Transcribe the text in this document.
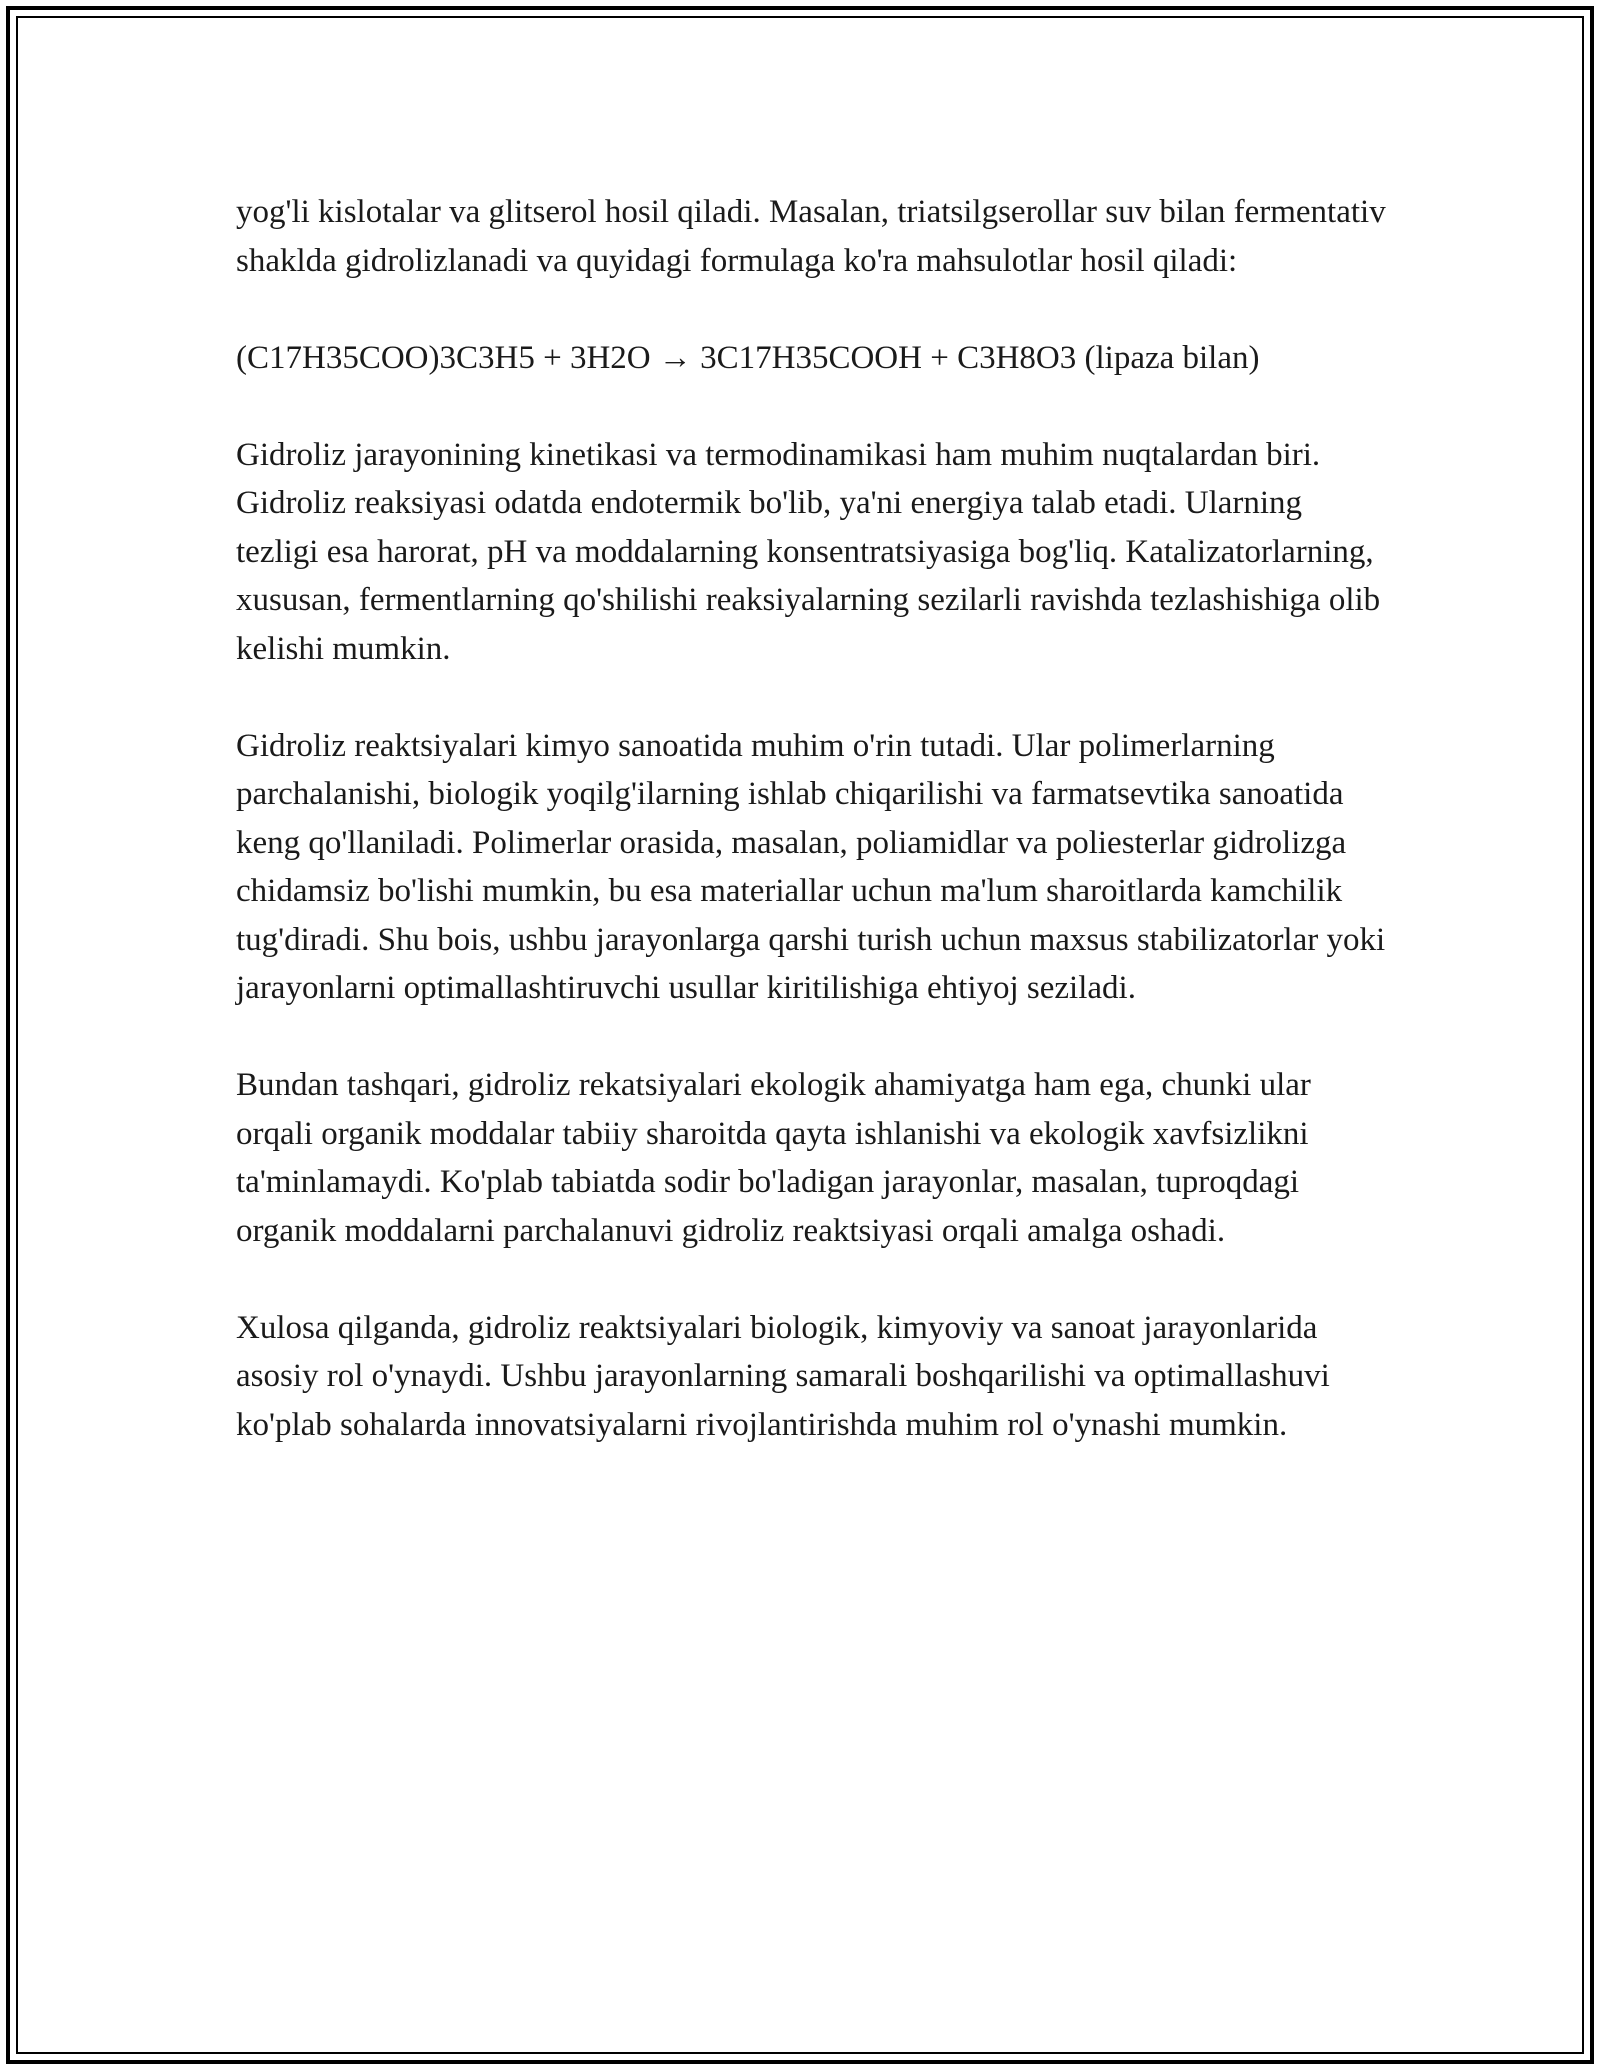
yog'li kislotalar va glitserol hosil qiladi. Masalan, triatsilgserollar suv bilan fermentativ shaklda gidrolizlanadi va quyidagi formulaga ko'ra mahsulotlar hosil qiladi:

(C17H35COO)3C3H5 + 3H2O → 3C17H35COOH + C3H8O3 (lipaza bilan)

Gidroliz jarayonining kinetikasi va termodinamikasi ham muhim nuqtalardan biri. Gidroliz reaksiyasi odatda endotermik bo'lib, ya'ni energiya talab etadi. Ularning tezligi esa harorat, pH va moddalarning konsentratsiyasiga bog'liq. Katalizatorlarning, xususan, fermentlarning qo'shilishi reaksiyalarning sezilarli ravishda tezlashishiga olib kelishi mumkin.

Gidroliz reaktsiyalari kimyo sanoatida muhim o'rin tutadi. Ular polimerlarning parchalanishi, biologik yoqilg'ilarning ishlab chiqarilishi va farmatsevtika sanoatida keng qo'llaniladi. Polimerlar orasida, masalan, poliamidlar va poliesterlar gidrolizga chidamsiz bo'lishi mumkin, bu esa materiallar uchun ma'lum sharoitlarda kamchilik tug'diradi. Shu bois, ushbu jarayonlarga qarshi turish uchun maxsus stabilizatorlar yoki jarayonlarni optimallashtiruvchi usullar kiritilishiga ehtiyoj seziladi.

Bundan tashqari, gidroliz rekatsiyalari ekologik ahamiyatga ham ega, chunki ular orqali organik moddalar tabiiy sharoitda qayta ishlanishi va ekologik xavfsizlikni ta'minlamaydi. Ko'plab tabiatda sodir bo'ladigan jarayonlar, masalan, tuproqdagi organik moddalarni parchalanuvi gidroliz reaktsiyasi orqali amalga oshadi.

Xulosa qilganda, gidroliz reaktsiyalari biologik, kimyoviy va sanoat jarayonlarida asosiy rol o'ynaydi. Ushbu jarayonlarning samarali boshqarilishi va optimallashuvi ko'plab sohalarda innovatsiyalarni rivojlantirishda muhim rol o'ynashi mumkin.
